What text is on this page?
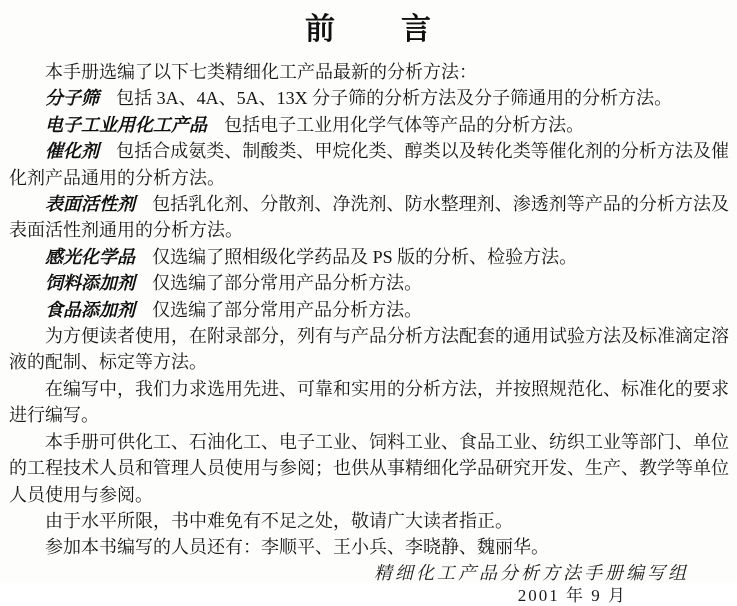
前　　言

本手册选编了以下七类精细化工产品最新的分析方法：

分子筛 包括 3A、4A、5A、13X 分子筛的分析方法及分子筛通用的分析方法。

电子工业用化工产品 包括电子工业用化学气体等产品的分析方法。

催化剂 包括合成氨类、制酸类、甲烷化类、醇类以及转化类等催化剂的分析方法及催化剂产品通用的分析方法。

表面活性剂 包括乳化剂、分散剂、净洗剂、防水整理剂、渗透剂等产品的分析方法及表面活性剂通用的分析方法。

感光化学品 仅选编了照相级化学药品及 PS 版的分析、检验方法。

饲料添加剂 仅选编了部分常用产品分析方法。

食品添加剂 仅选编了部分常用产品分析方法。

为方便读者使用，在附录部分，列有与产品分析方法配套的通用试验方法及标准滴定溶液的配制、标定等方法。

在编写中，我们力求选用先进、可靠和实用的分析方法，并按照规范化、标准化的要求进行编写。

本手册可供化工、石油化工、电子工业、饲料工业、食品工业、纺织工业等部门、单位的工程技术人员和管理人员使用与参阅；也供从事精细化学品研究开发、生产、教学等单位人员使用与参阅。

由于水平所限，书中难免有不足之处，敬请广大读者指正。

参加本书编写的人员还有：李顺平、王小兵、李晓静、魏丽华。

精细化工产品分析方法手册编写组
2001 年 9 月
